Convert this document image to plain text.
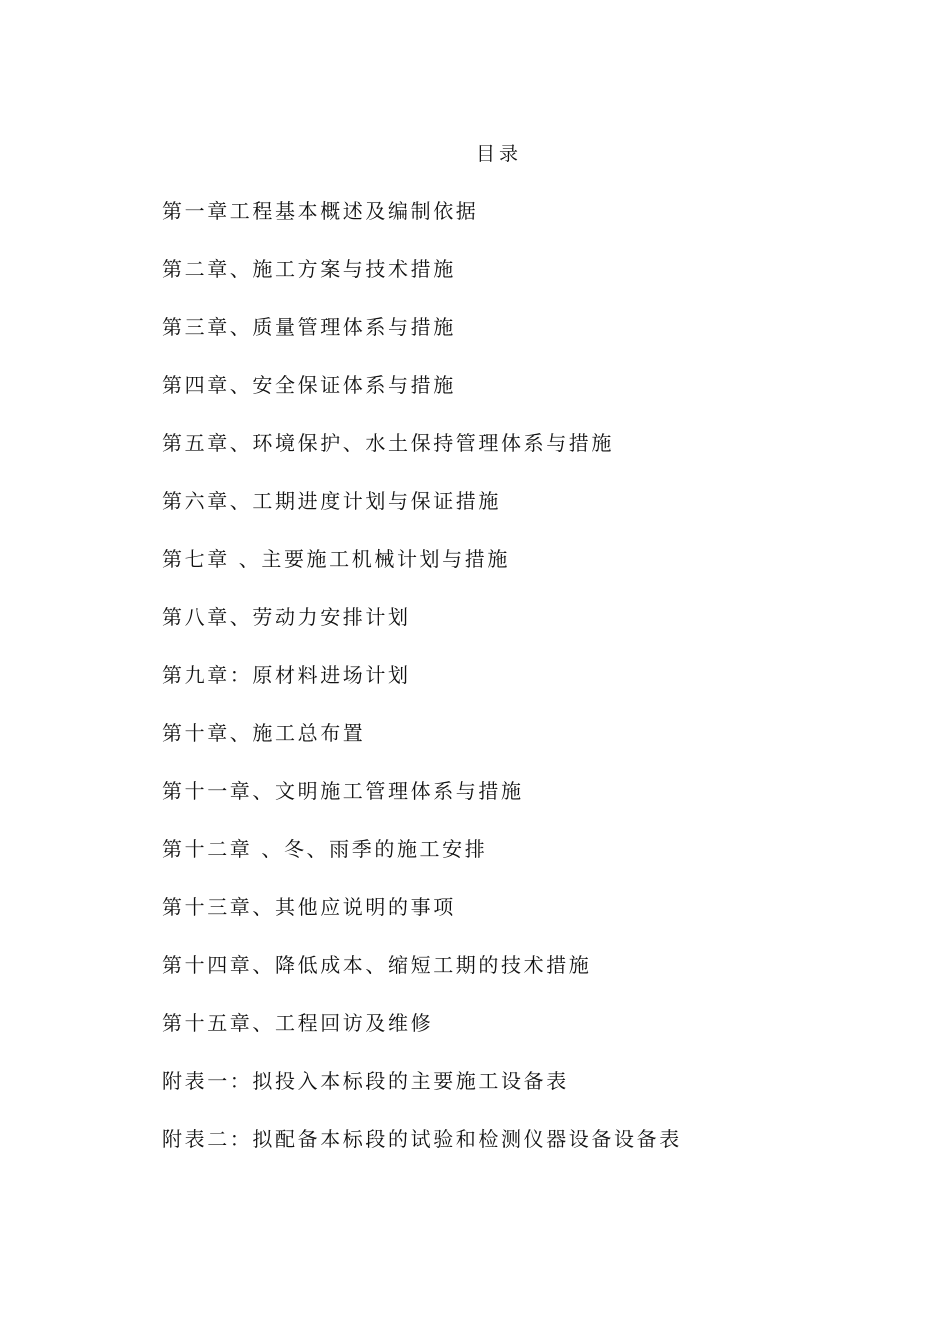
目录
第一章工程基本概述及编制依据
第二章、施工方案与技术措施
第三章、质量管理体系与措施
第四章、安全保证体系与措施
第五章、环境保护、水土保持管理体系与措施
第六章、工期进度计划与保证措施
第七章 、主要施工机械计划与措施
第八章、劳动力安排计划
第九章：原材料进场计划
第十章、施工总布置
第十一章、文明施工管理体系与措施
第十二章 、冬、雨季的施工安排
第十三章、其他应说明的事项
第十四章、降低成本、缩短工期的技术措施
第十五章、工程回访及维修
附表一：拟投入本标段的主要施工设备表
附表二：拟配备本标段的试验和检测仪器设备设备表
